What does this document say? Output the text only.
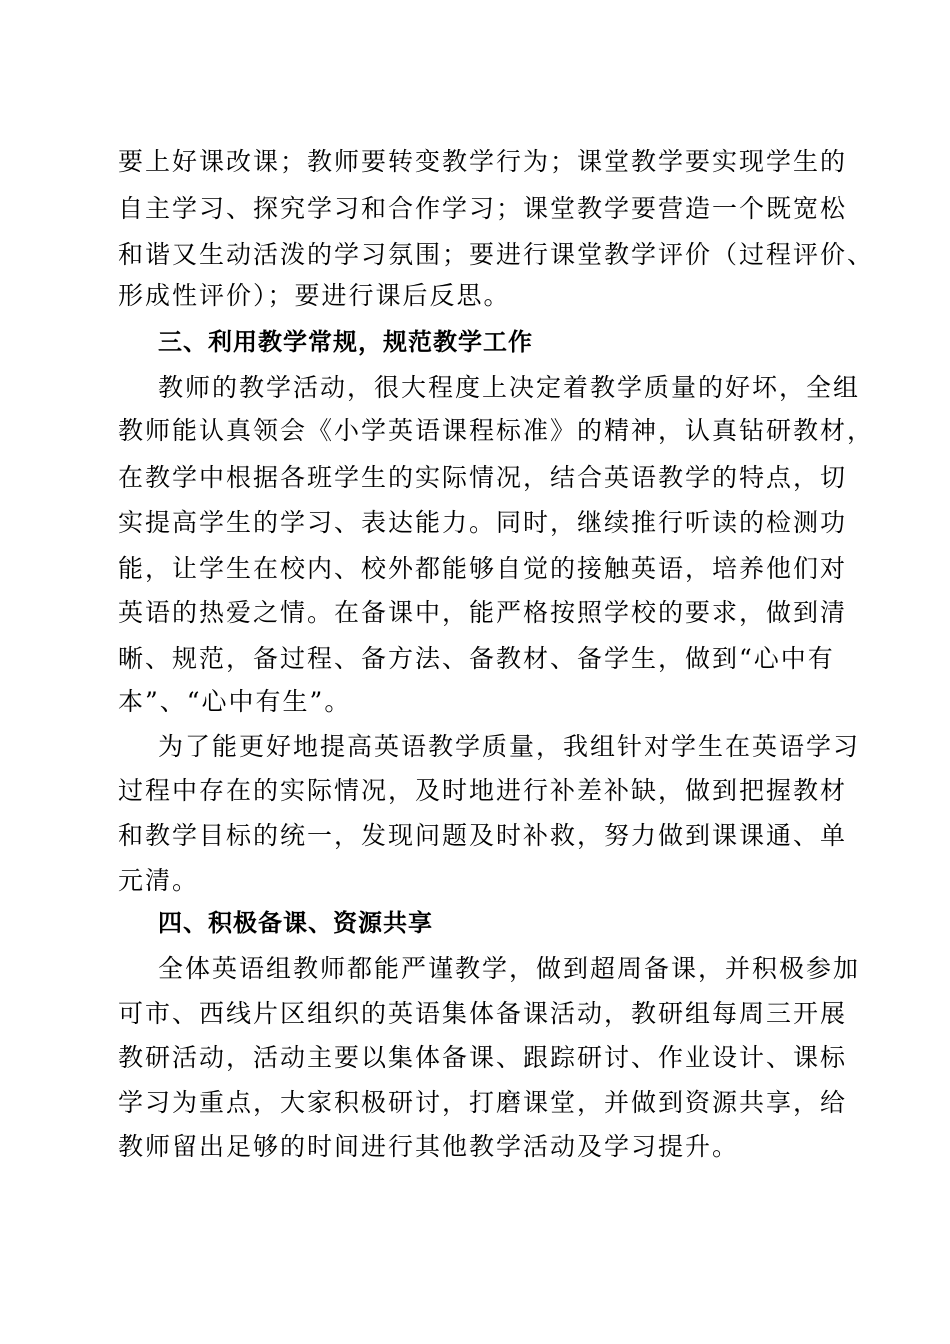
要上好课改课；教师要转变教学行为；课堂教学要实现学生的
自主学习、探究学习和合作学习；课堂教学要营造一个既宽松
和谐又生动活泼的学习氛围；要进行课堂教学评价（过程评价、
形成性评价）；要进行课后反思。
三、利用教学常规，规范教学工作
教师的教学活动，很大程度上决定着教学质量的好坏，全组
教师能认真领会《小学英语课程标准》的精神，认真钻研教材，
在教学中根据各班学生的实际情况，结合英语教学的特点，切
实提高学生的学习、表达能力。同时，继续推行听读的检测功
能，让学生在校内、校外都能够自觉的接触英语，培养他们对
英语的热爱之情。在备课中，能严格按照学校的要求，做到清
晰、规范，备过程、备方法、备教材、备学生，做到“心中有
本”、“心中有生”。
为了能更好地提高英语教学质量，我组针对学生在英语学习
过程中存在的实际情况，及时地进行补差补缺，做到把握教材
和教学目标的统一，发现问题及时补救，努力做到课课通、单
元清。
四、积极备课、资源共享
全体英语组教师都能严谨教学，做到超周备课，并积极参加
可市、西线片区组织的英语集体备课活动，教研组每周三开展
教研活动，活动主要以集体备课、跟踪研讨、作业设计、课标
学习为重点，大家积极研讨，打磨课堂，并做到资源共享，给
教师留出足够的时间进行其他教学活动及学习提升。
